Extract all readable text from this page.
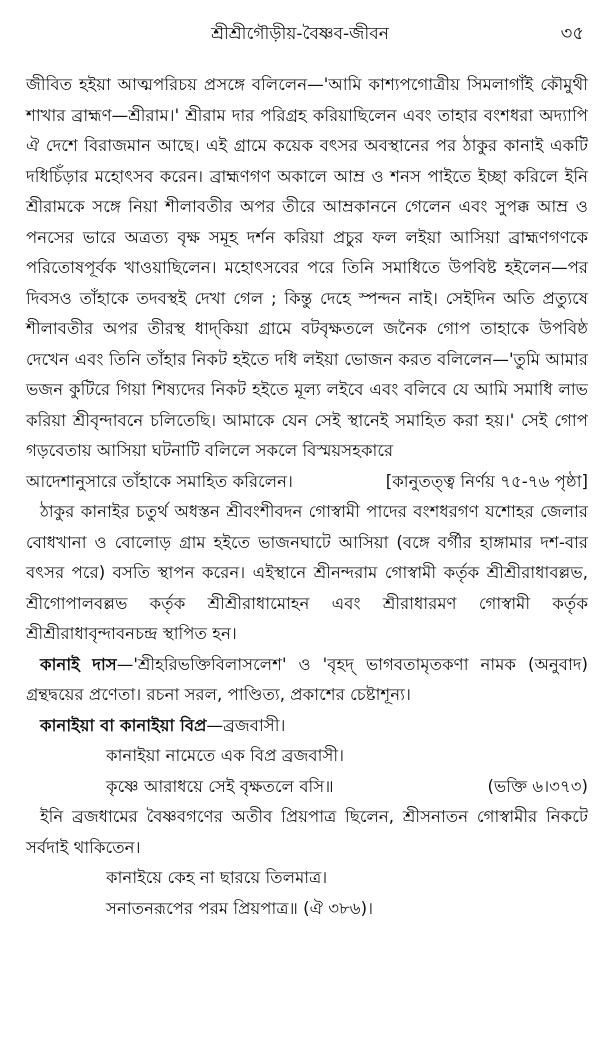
শ্রীশ্রীগৌড়ীয়-বৈষ্ণব-জীবন	৩৫

জীবিত হইয়া আত্মপরিচয় প্রসঙ্গে বলিলেন—'আমি কাশ্যপগোত্রীয় সিমলাগাঁই কৌমুথী শাখার ব্রাহ্মণ—শ্রীরাম।' শ্রীরাম দার পরিগ্রহ করিয়াছিলেন এবং তাহার বংশধরা অদ্যাপি ঐ দেশে বিরাজমান আছে। এই গ্রামে কয়েক বৎসর অবস্থানের পর ঠাকুর কানাই একটি দধিচিঁড়ার মহোৎসব করেন। ব্রাহ্মণগণ অকালে আম্র ও শনস পাইতে ইচ্ছা করিলে ইনি শ্রীরামকে সঙ্গে নিয়া শীলাবতীর অপর তীরে আম্রকাননে গেলেন এবং সুপক্ক আম্র ও পনসের ভারে অত্রত্য বৃক্ষ সমূহ দর্শন করিয়া প্রচুর ফল লইয়া আসিয়া ব্রাহ্মণগণকে পরিতোষপূর্বক খাওয়াছিলেন। মহোৎসবের পরে তিনি সমাধিতে উপবিষ্ট হইলেন—পর দিবসও তাঁহাকে তদবস্থই দেখা গেল ; কিন্তু দেহে স্পন্দন নাই। সেইদিন অতি প্রত্যুষে শীলাবতীর অপর তীরস্থ ধাদ্‌কিয়া গ্রামে বটবৃক্ষতলে জনৈক গোপ তাহাকে উপবিষ্ঠ দেখেন এবং তিনি তাঁহার নিকট হইতে দধি লইয়া ভোজন করত বলিলেন—'তুমি আমার ভজন কুটিরে গিয়া শিষ্যদের নিকট হইতে মূল্য লইবে এবং বলিবে যে আমি সমাধি লাভ করিয়া শ্রীবৃন্দাবনে চলিতেছি। আমাকে যেন সেই স্থানেই সমাহিত করা হয়।' সেই গোপ গড়বেতায় আসিয়া ঘটনাটি বলিলে সকলে বিস্ময়সহকারে

আদেশানুসারে তাঁহাকে সমাহিত করিলেন।	[কানুতত্ত্ব নির্ণয় ৭৫-৭৬ পৃষ্ঠা]

ঠাকুর কানাইর চতুর্থ অধস্তন শ্রীবংশীবদন গোস্বামী পাদের বংশধরগণ যশোহর জেলার বোধখানা ও বোলোড় গ্রাম হইতে ভাজনঘাটে আসিয়া (বঙ্গে বর্গীর হাঙ্গামার দশ-বার বৎসর পরে) বসতি স্থাপন করেন। এইস্থানে শ্রীনন্দরাম গোস্বামী কর্তৃক শ্রীশ্রীরাধাবল্লভ, শ্রীগোপালবল্লভ কর্তৃক শ্রীশ্রীরাধামোহন এবং শ্রীরাধারমণ গোস্বামী কর্তৃক শ্রীশ্রীরাধাবৃন্দাবনচন্দ্র স্থাপিত হন।

কানাই দাস—'শ্রীহরিভক্তিবিলাসলেশ' ও 'বৃহদ্ ভাগবতামৃতকণা নামক (অনুবাদ) গ্রন্থদ্বয়ের প্রণেতা। রচনা সরল, পাণ্ডিত্য, প্রকাশের চেষ্টাশূন্য।

কানাইয়া বা কানাইয়া বিপ্র—ব্রজবাসী।

কানাইয়া নামেতে এক বিপ্র ব্রজবাসী।

কৃষ্ণে আরাধয়ে সেই বৃক্ষতলে বসি॥	(ভক্তি ৬।৩৭৩)

ইনি ব্রজধামের বৈষ্ণবগণের অতীব প্রিয়পাত্র ছিলেন, শ্রীসনাতন গোস্বামীর নিকটে সর্বদাই থাকিতেন।

কানাইয়ে কেহ না ছারয়ে তিলমাত্র।

সনাতনরূপের পরম প্রিয়পাত্র॥ (ঐ ৩৮৬)।
